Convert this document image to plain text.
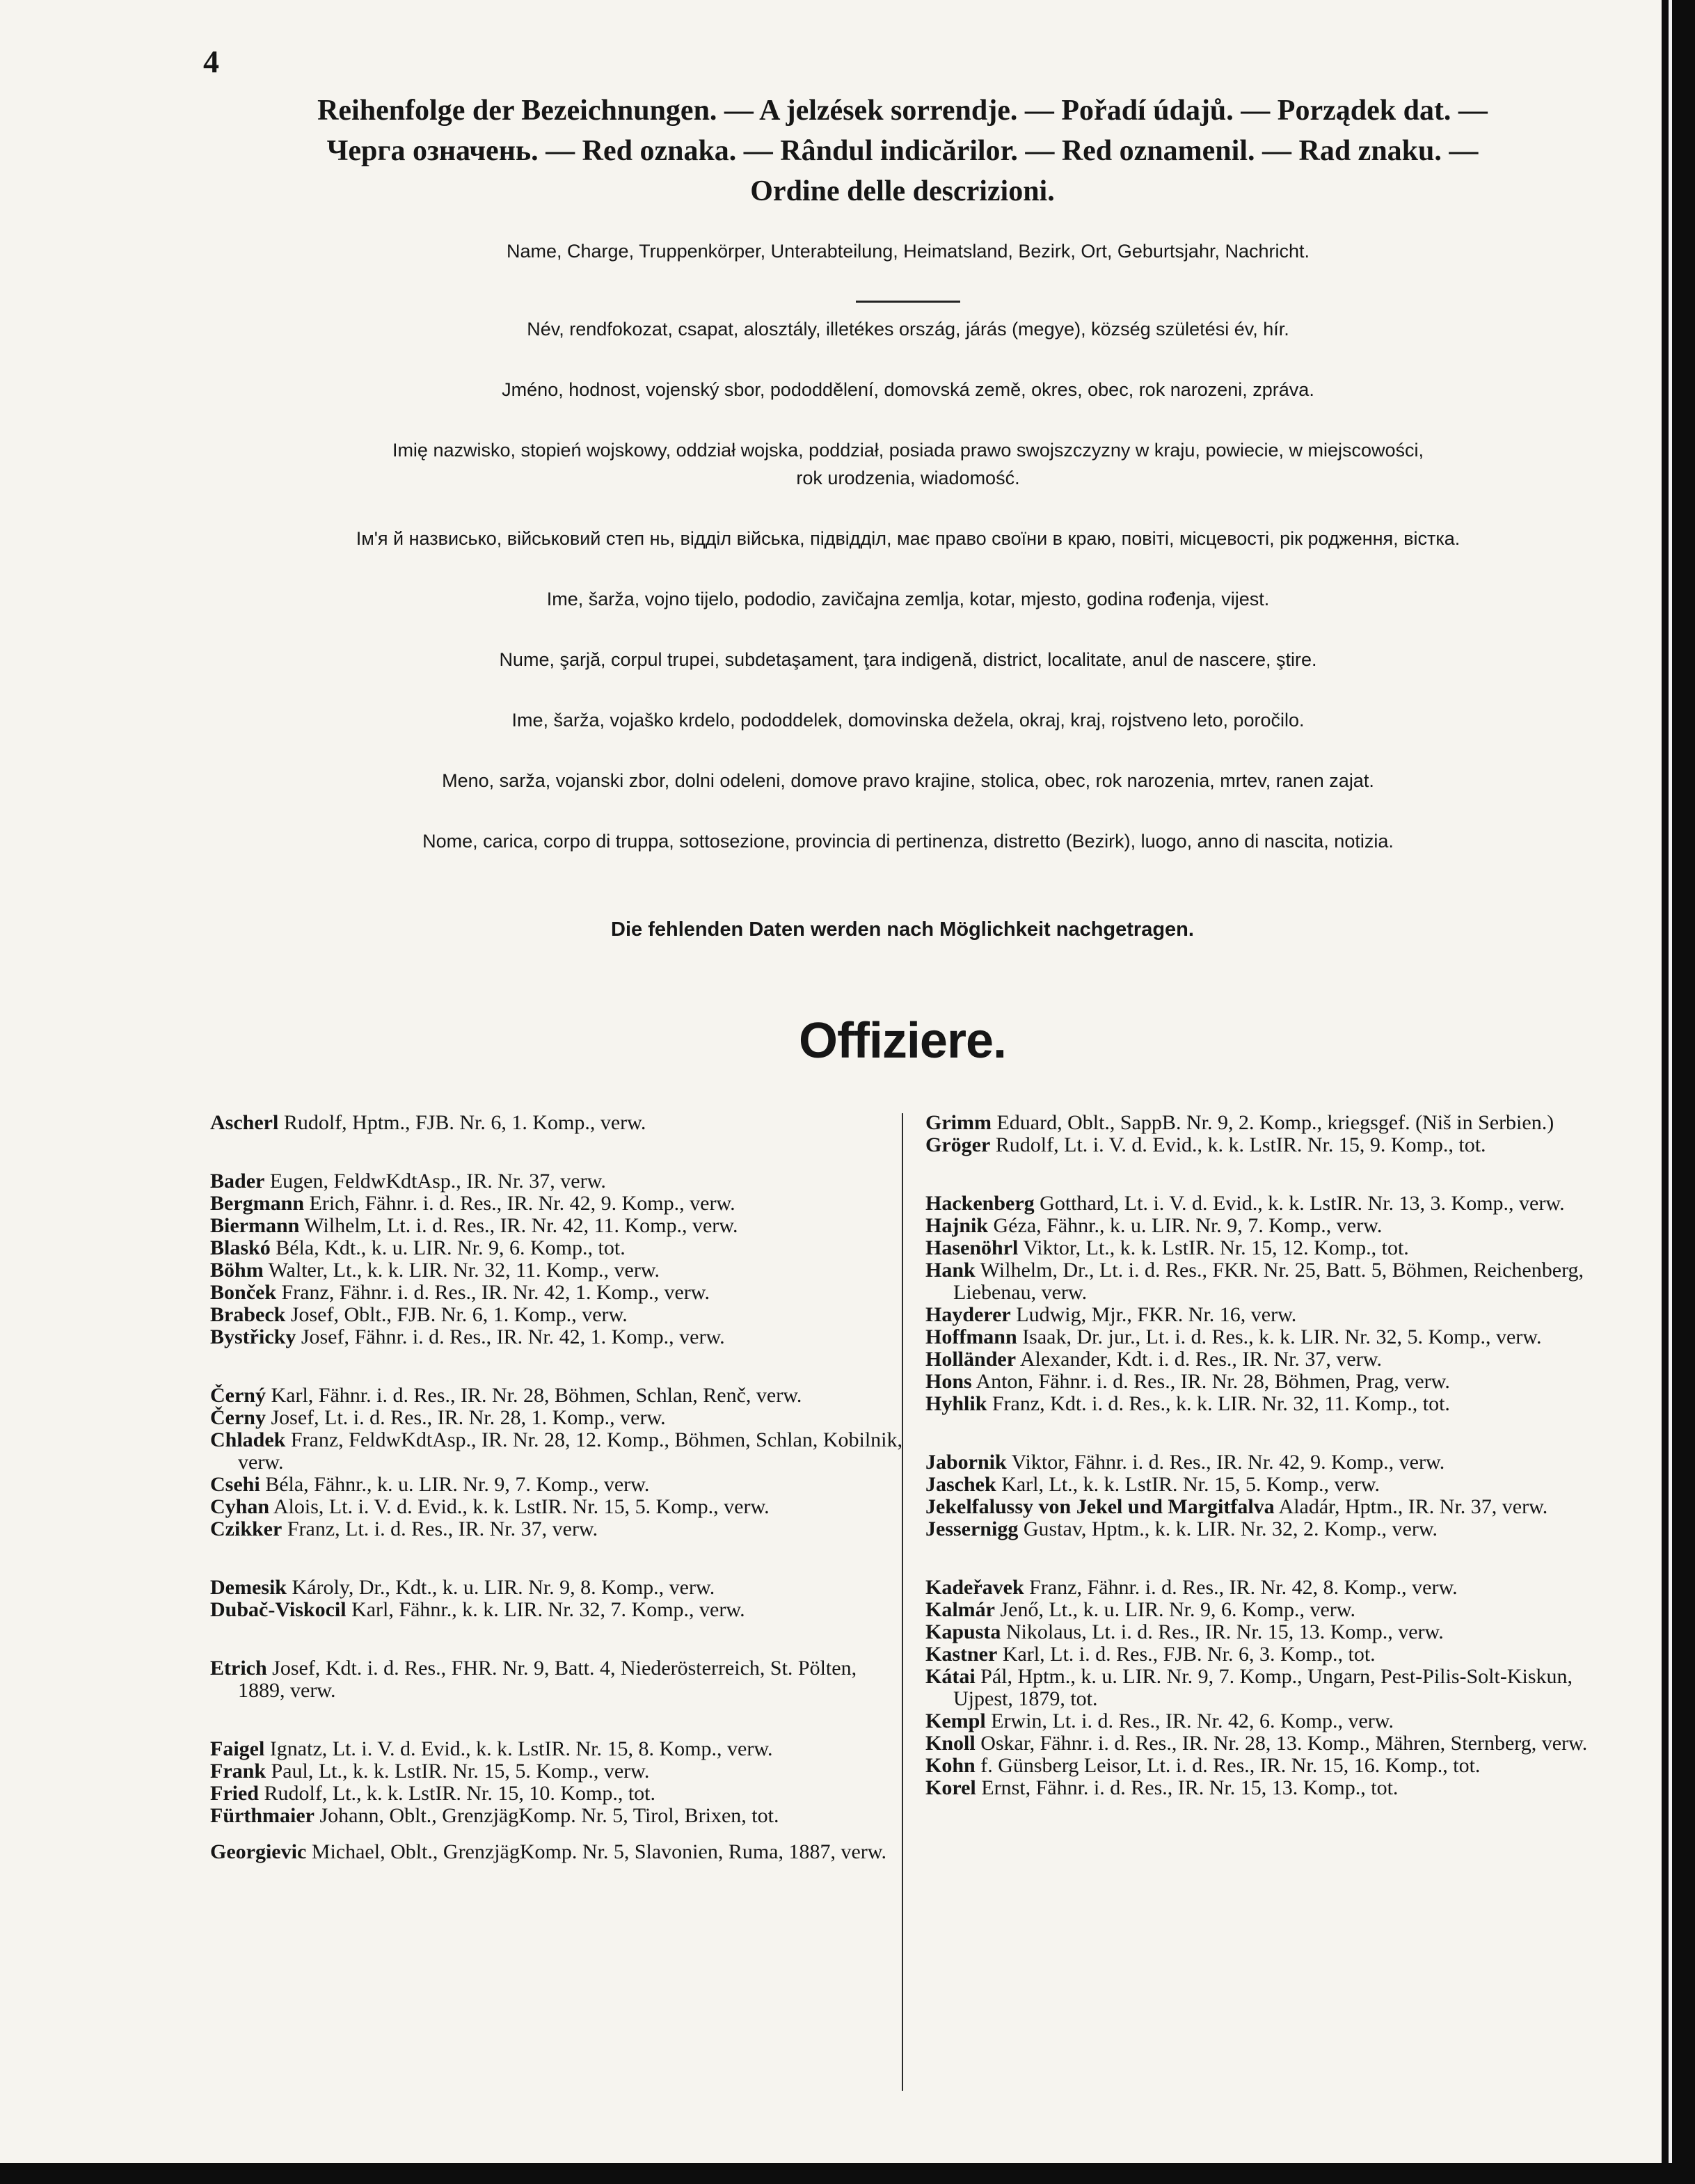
4
Reihenfolge der Bezeichnungen. — A jelzések sorrendje. — Pořadí údajů. — Porządek dat. —
Черга означень. — Red oznaka. — Rândul indicărilor. — Red oznamenil. — Rad znaku. —
Ordine delle descrizioni.
Name, Charge, Truppenkörper, Unterabteilung, Heimatsland, Bezirk, Ort, Geburtsjahr, Nachricht.
Név, rendfokozat, csapat, alosztály, illetékes ország, járás (megye), község születési év, hír.
Jméno, hodnost, vojenský sbor, pododdělení, domovská země, okres, obec, rok narozeni, zpráva.
Imię nazwisko, stopień wojskowy, oddział wojska, poddział, posiada prawo swojszczyzny w kraju, powiecie, w miejscowości,
rok urodzenia, wiadomość.
Ім'я й назвисько, військовий степ нь, відділ війська, підвідділ, має право своїни в краю, повіті, місцевості, рік родження, вістка.
Ime, šarža, vojno tijelo, pododio, zavičajna zemlja, kotar, mjesto, godina rođenja, vijest.
Nume, şarjă, corpul trupei, subdetaşament, ţara indigenă, district, localitate, anul de nascere, ştire.
Ime, šarža, vojaško krdelo, pododdelek, domovinska dežela, okraj, kraj, rojstveno leto, poročilo.
Meno, sarža, vojanski zbor, dolni odeleni, domove pravo krajine, stolica, obec, rok narozenia, mrtev, ranen zajat.
Nome, carica, corpo di truppa, sottosezione, provincia di pertinenza, distretto (Bezirk), luogo, anno di nascita, notizia.
Die fehlenden Daten werden nach Möglichkeit nachgetragen.
Offiziere.

Ascherl Rudolf, Hptm., FJB. Nr. 6, 1. Komp., verw.

Bader Eugen, FeldwKdtAsp., IR. Nr. 37, verw.

Bergmann Erich, Fähnr. i. d. Res., IR. Nr. 42, 9. Komp., verw.

Biermann Wilhelm, Lt. i. d. Res., IR. Nr. 42, 11. Komp., verw.

Blaskó Béla, Kdt., k. u. LIR. Nr. 9, 6. Komp., tot.

Böhm Walter, Lt., k. k. LIR. Nr. 32, 11. Komp., verw.

Bonček Franz, Fähnr. i. d. Res., IR. Nr. 42, 1. Komp., verw.

Brabeck Josef, Oblt., FJB. Nr. 6, 1. Komp., verw.

Bystřicky Josef, Fähnr. i. d. Res., IR. Nr. 42, 1. Komp., verw.

Černý Karl, Fähnr. i. d. Res., IR. Nr. 28, Böhmen, Schlan, Renč, verw.

Černy Josef, Lt. i. d. Res., IR. Nr. 28, 1. Komp., verw.

Chladek Franz, FeldwKdtAsp., IR. Nr. 28, 12. Komp., Böhmen, Schlan, Kobilnik, verw.

Csehi Béla, Fähnr., k. u. LIR. Nr. 9, 7. Komp., verw.

Cyhan Alois, Lt. i. V. d. Evid., k. k. LstIR. Nr. 15, 5. Komp., verw.

Czikker Franz, Lt. i. d. Res., IR. Nr. 37, verw.

Demesik Károly, Dr., Kdt., k. u. LIR. Nr. 9, 8. Komp., verw.

Dubač-Viskocil Karl, Fähnr., k. k. LIR. Nr. 32, 7. Komp., verw.

Etrich Josef, Kdt. i. d. Res., FHR. Nr. 9, Batt. 4, Niederösterreich, St. Pölten, 1889, verw.

Faigel Ignatz, Lt. i. V. d. Evid., k. k. LstIR. Nr. 15, 8. Komp., verw.

Frank Paul, Lt., k. k. LstIR. Nr. 15, 5. Komp., verw.

Fried Rudolf, Lt., k. k. LstIR. Nr. 15, 10. Komp., tot.

Fürthmaier Johann, Oblt., GrenzjägKomp. Nr. 5, Tirol, Brixen, tot.

Georgievic Michael, Oblt., GrenzjägKomp. Nr. 5, Slavonien, Ruma, 1887, verw.

Grimm Eduard, Oblt., SappB. Nr. 9, 2. Komp., kriegsgef. (Niš in Serbien.)

Gröger Rudolf, Lt. i. V. d. Evid., k. k. LstIR. Nr. 15, 9. Komp., tot.

Hackenberg Gotthard, Lt. i. V. d. Evid., k. k. LstIR. Nr. 13, 3. Komp., verw.

Hajnik Géza, Fähnr., k. u. LIR. Nr. 9, 7. Komp., verw.

Hasenöhrl Viktor, Lt., k. k. LstIR. Nr. 15, 12. Komp., tot.

Hank Wilhelm, Dr., Lt. i. d. Res., FKR. Nr. 25, Batt. 5, Böhmen, Reichenberg, Liebenau, verw.

Hayderer Ludwig, Mjr., FKR. Nr. 16, verw.

Hoffmann Isaak, Dr. jur., Lt. i. d. Res., k. k. LIR. Nr. 32, 5. Komp., verw.

Holländer Alexander, Kdt. i. d. Res., IR. Nr. 37, verw.

Hons Anton, Fähnr. i. d. Res., IR. Nr. 28, Böhmen, Prag, verw.

Hyhlik Franz, Kdt. i. d. Res., k. k. LIR. Nr. 32, 11. Komp., tot.

Jabornik Viktor, Fähnr. i. d. Res., IR. Nr. 42, 9. Komp., verw.

Jaschek Karl, Lt., k. k. LstIR. Nr. 15, 5. Komp., verw.

Jekelfalussy von Jekel und Margitfalva Aladár, Hptm., IR. Nr. 37, verw.

Jessernigg Gustav, Hptm., k. k. LIR. Nr. 32, 2. Komp., verw.

Kadeřavek Franz, Fähnr. i. d. Res., IR. Nr. 42, 8. Komp., verw.

Kalmár Jenő, Lt., k. u. LIR. Nr. 9, 6. Komp., verw.

Kapusta Nikolaus, Lt. i. d. Res., IR. Nr. 15, 13. Komp., verw.

Kastner Karl, Lt. i. d. Res., FJB. Nr. 6, 3. Komp., tot.

Kátai Pál, Hptm., k. u. LIR. Nr. 9, 7. Komp., Ungarn, Pest-Pilis-Solt-Kiskun, Ujpest, 1879, tot.

Kempl Erwin, Lt. i. d. Res., IR. Nr. 42, 6. Komp., verw.

Knoll Oskar, Fähnr. i. d. Res., IR. Nr. 28, 13. Komp., Mähren, Sternberg, verw.

Kohn f. Günsberg Leisor, Lt. i. d. Res., IR. Nr. 15, 16. Komp., tot.

Korel Ernst, Fähnr. i. d. Res., IR. Nr. 15, 13. Komp., tot.
